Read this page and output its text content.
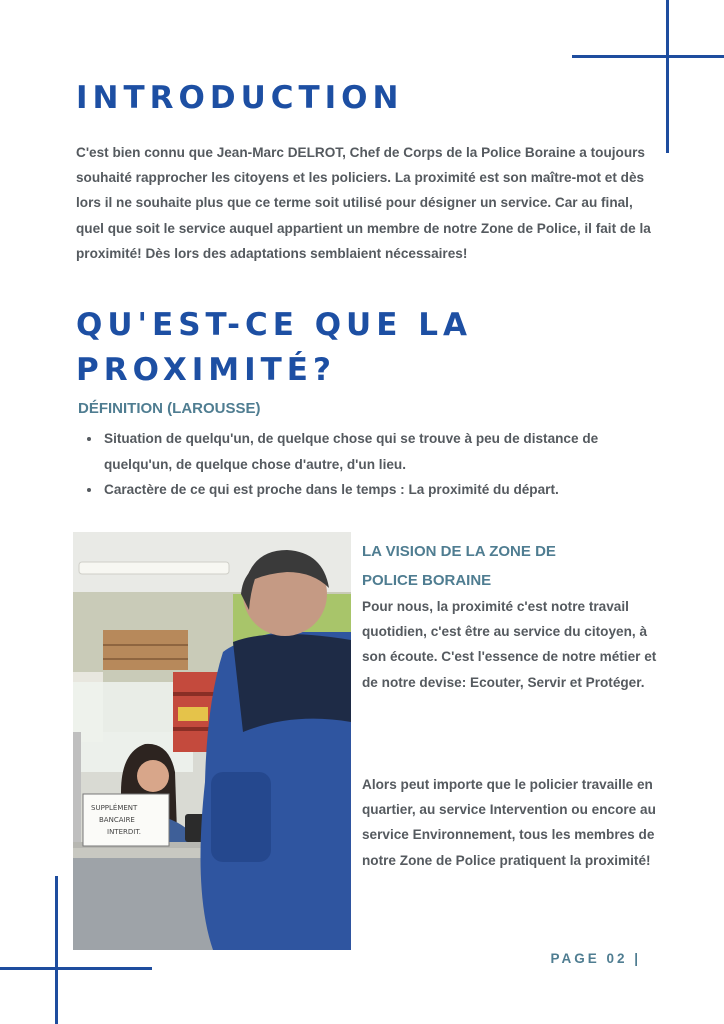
INTRODUCTION

C'est bien connu que Jean-Marc DELROT, Chef de Corps de la Police Boraine a toujours souhaité rapprocher les citoyens et les policiers. La proximité est son maître-mot et dès lors il ne souhaite plus que ce terme soit utilisé pour désigner un service. Car au final, quel que soit le service auquel appartient un membre de notre Zone de Police, il fait de la proximité! Dès lors des adaptations semblaient nécessaires!

QU'EST-CE QUE LA
PROXIMITÉ?
DÉFINITION (LAROUSSE)
• Situation de quelqu'un, de quelque chose qui se trouve à peu de distance de quelqu'un, de quelque chose d'autre, d'un lieu.
• Caractère de ce qui est proche dans le temps : La proximité du départ.
SUPPLÉMENT
BANCAIRE
INTERDIT.
LA VISION DE LA ZONE DE
POLICE BORAINE

Pour nous, la proximité c'est notre travail quotidien, c'est être au service du citoyen, à son écoute. C'est l'essence de notre métier et de notre devise: Ecouter, Servir et Protéger.

Alors peut importe que le policier travaille en quartier, au service Intervention ou encore au service Environnement, tous les membres de notre Zone de Police pratiquent la proximité!

PAGE 02 |
